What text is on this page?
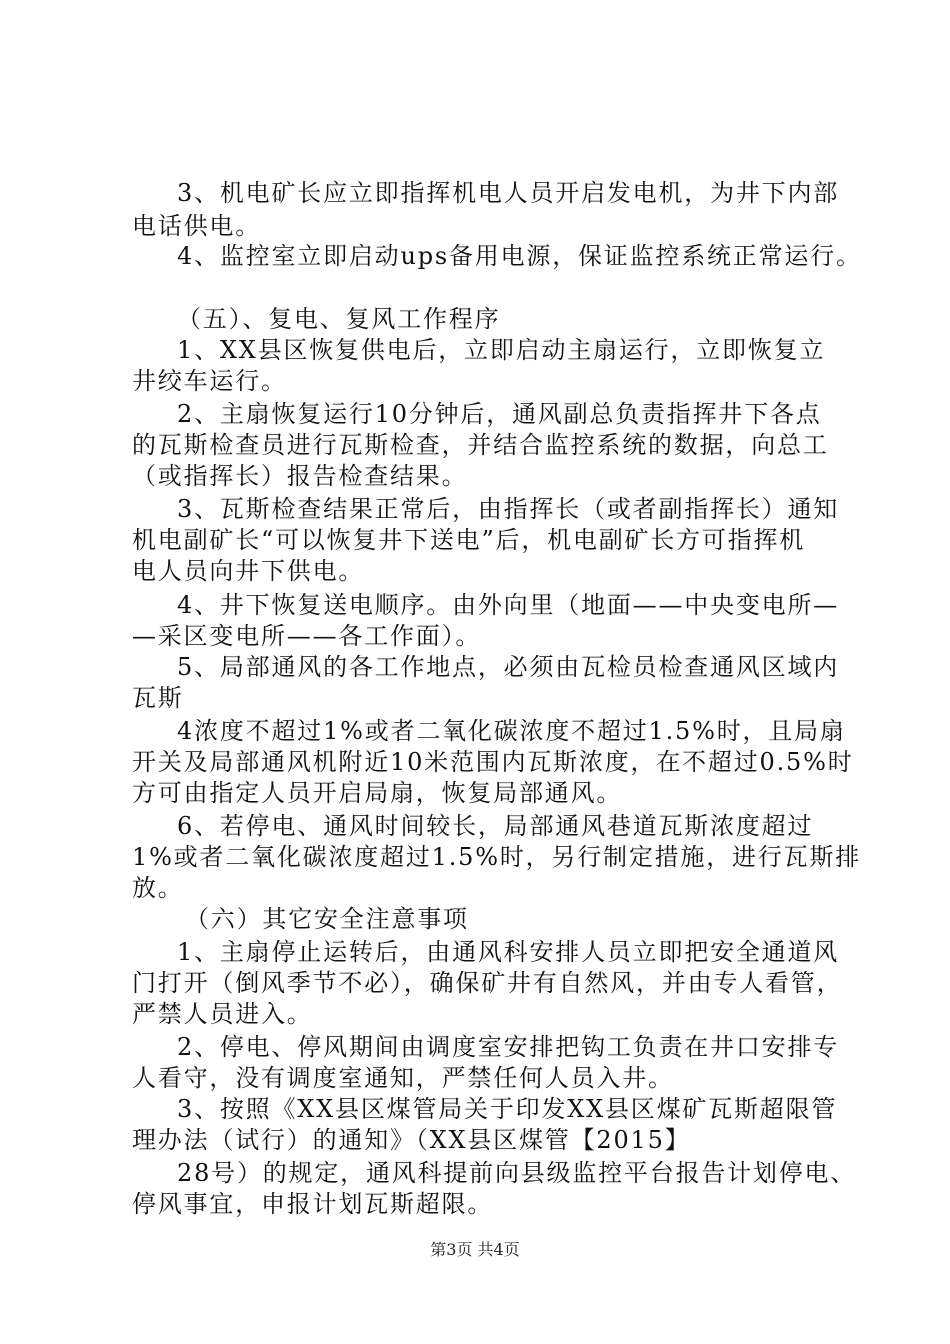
3、机电矿长应立即指挥机电人员开启发电机，为井下内部
电话供电。
4、监控室立即启动ups备用电源，保证监控系统正常运行。
（五）、复电、复风工作程序
1、XX县区恢复供电后，立即启动主扇运行，立即恢复立
井绞车运行。
2、主扇恢复运行10分钟后，通风副总负责指挥井下各点
的瓦斯检查员进行瓦斯检查，并结合监控系统的数据，向总工
（或指挥长）报告检查结果。
3、瓦斯检查结果正常后，由指挥长（或者副指挥长）通知
机电副矿长“可以恢复井下送电”后，机电副矿长方可指挥机
电人员向井下供电。
4、井下恢复送电顺序。由外向里（地面——中央变电所—
—采区变电所——各工作面）。
5、局部通风的各工作地点，必须由瓦检员检查通风区域内
瓦斯
4浓度不超过1%或者二氧化碳浓度不超过1.5%时，且局扇
开关及局部通风机附近10米范围内瓦斯浓度，在不超过0.5%时
方可由指定人员开启局扇，恢复局部通风。
6、若停电、通风时间较长，局部通风巷道瓦斯浓度超过
1%或者二氧化碳浓度超过1.5%时，另行制定措施，进行瓦斯排
放。
（六）其它安全注意事项
1、主扇停止运转后，由通风科安排人员立即把安全通道风
门打开（倒风季节不必），确保矿井有自然风，并由专人看管，
严禁人员进入。
2、停电、停风期间由调度室安排把钩工负责在井口安排专
人看守，没有调度室通知，严禁任何人员入井。
3、按照《XX县区煤管局关于印发XX县区煤矿瓦斯超限管
理办法（试行）的通知》（XX县区煤管【2015】
28号）的规定，通风科提前向县级监控平台报告计划停电、
停风事宜，申报计划瓦斯超限。
第3页 共4页
